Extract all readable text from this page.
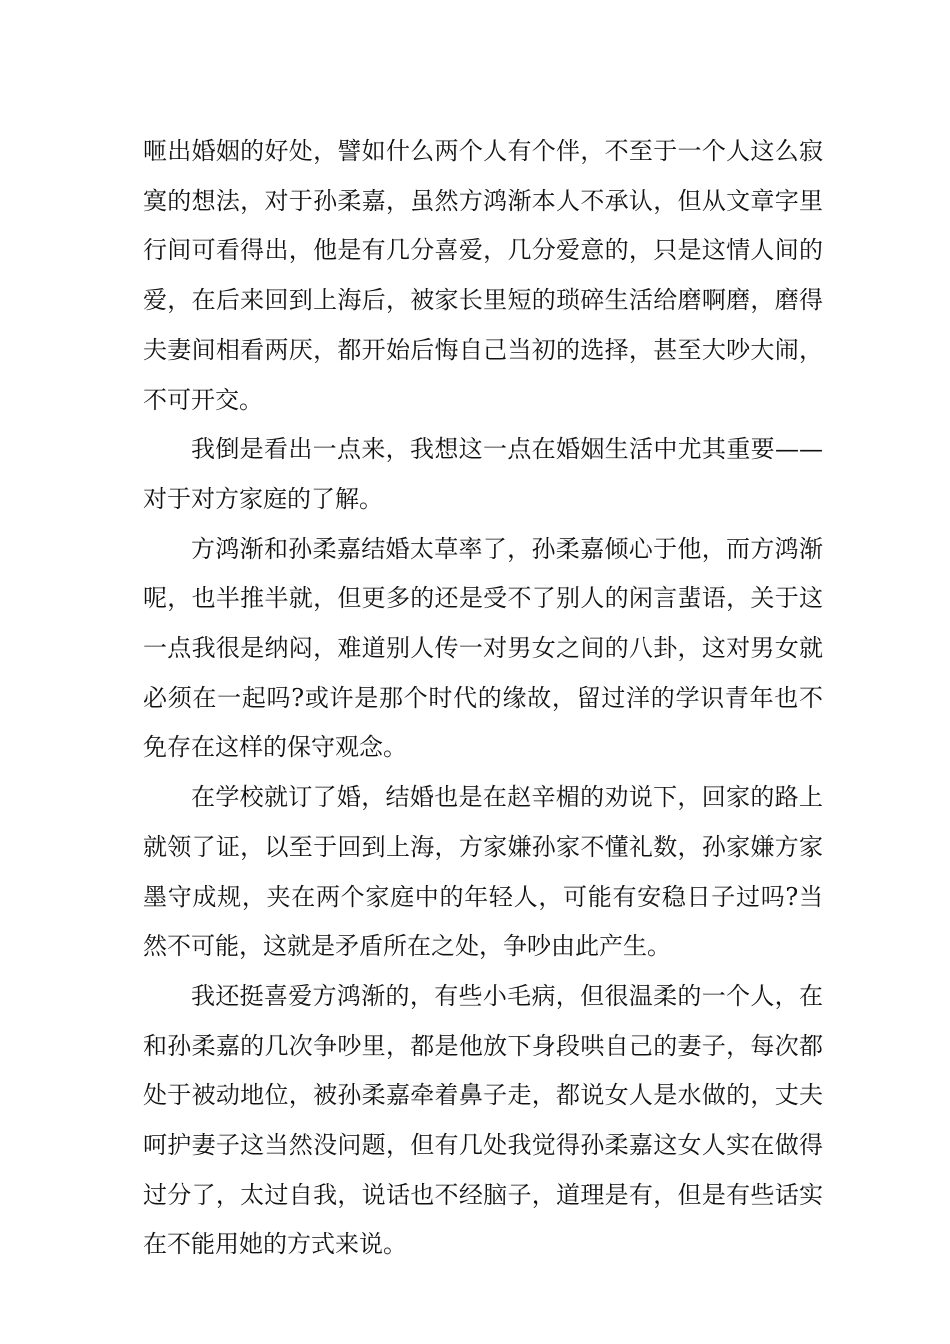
咂出婚姻的好处，譬如什么两个人有个伴，不至于一个人这么寂寞的想法，对于孙柔嘉，虽然方鸿渐本人不承认，但从文章字里行间可看得出，他是有几分喜爱，几分爱意的，只是这情人间的爱，在后来回到上海后，被家长里短的琐碎生活给磨啊磨，磨得夫妻间相看两厌，都开始后悔自己当初的选择，甚至大吵大闹，不可开交。

我倒是看出一点来，我想这一点在婚姻生活中尤其重要——对于对方家庭的了解。

方鸿渐和孙柔嘉结婚太草率了，孙柔嘉倾心于他，而方鸿渐呢，也半推半就，但更多的还是受不了别人的闲言蜚语，关于这一点我很是纳闷，难道别人传一对男女之间的八卦，这对男女就必须在一起吗?或许是那个时代的缘故，留过洋的学识青年也不免存在这样的保守观念。

在学校就订了婚，结婚也是在赵辛楣的劝说下，回家的路上就领了证，以至于回到上海，方家嫌孙家不懂礼数，孙家嫌方家墨守成规，夹在两个家庭中的年轻人，可能有安稳日子过吗?当然不可能，这就是矛盾所在之处，争吵由此产生。

我还挺喜爱方鸿渐的，有些小毛病，但很温柔的一个人，在和孙柔嘉的几次争吵里，都是他放下身段哄自己的妻子，每次都处于被动地位，被孙柔嘉牵着鼻子走，都说女人是水做的，丈夫呵护妻子这当然没问题，但有几处我觉得孙柔嘉这女人实在做得过分了，太过自我，说话也不经脑子，道理是有，但是有些话实在不能用她的方式来说。
